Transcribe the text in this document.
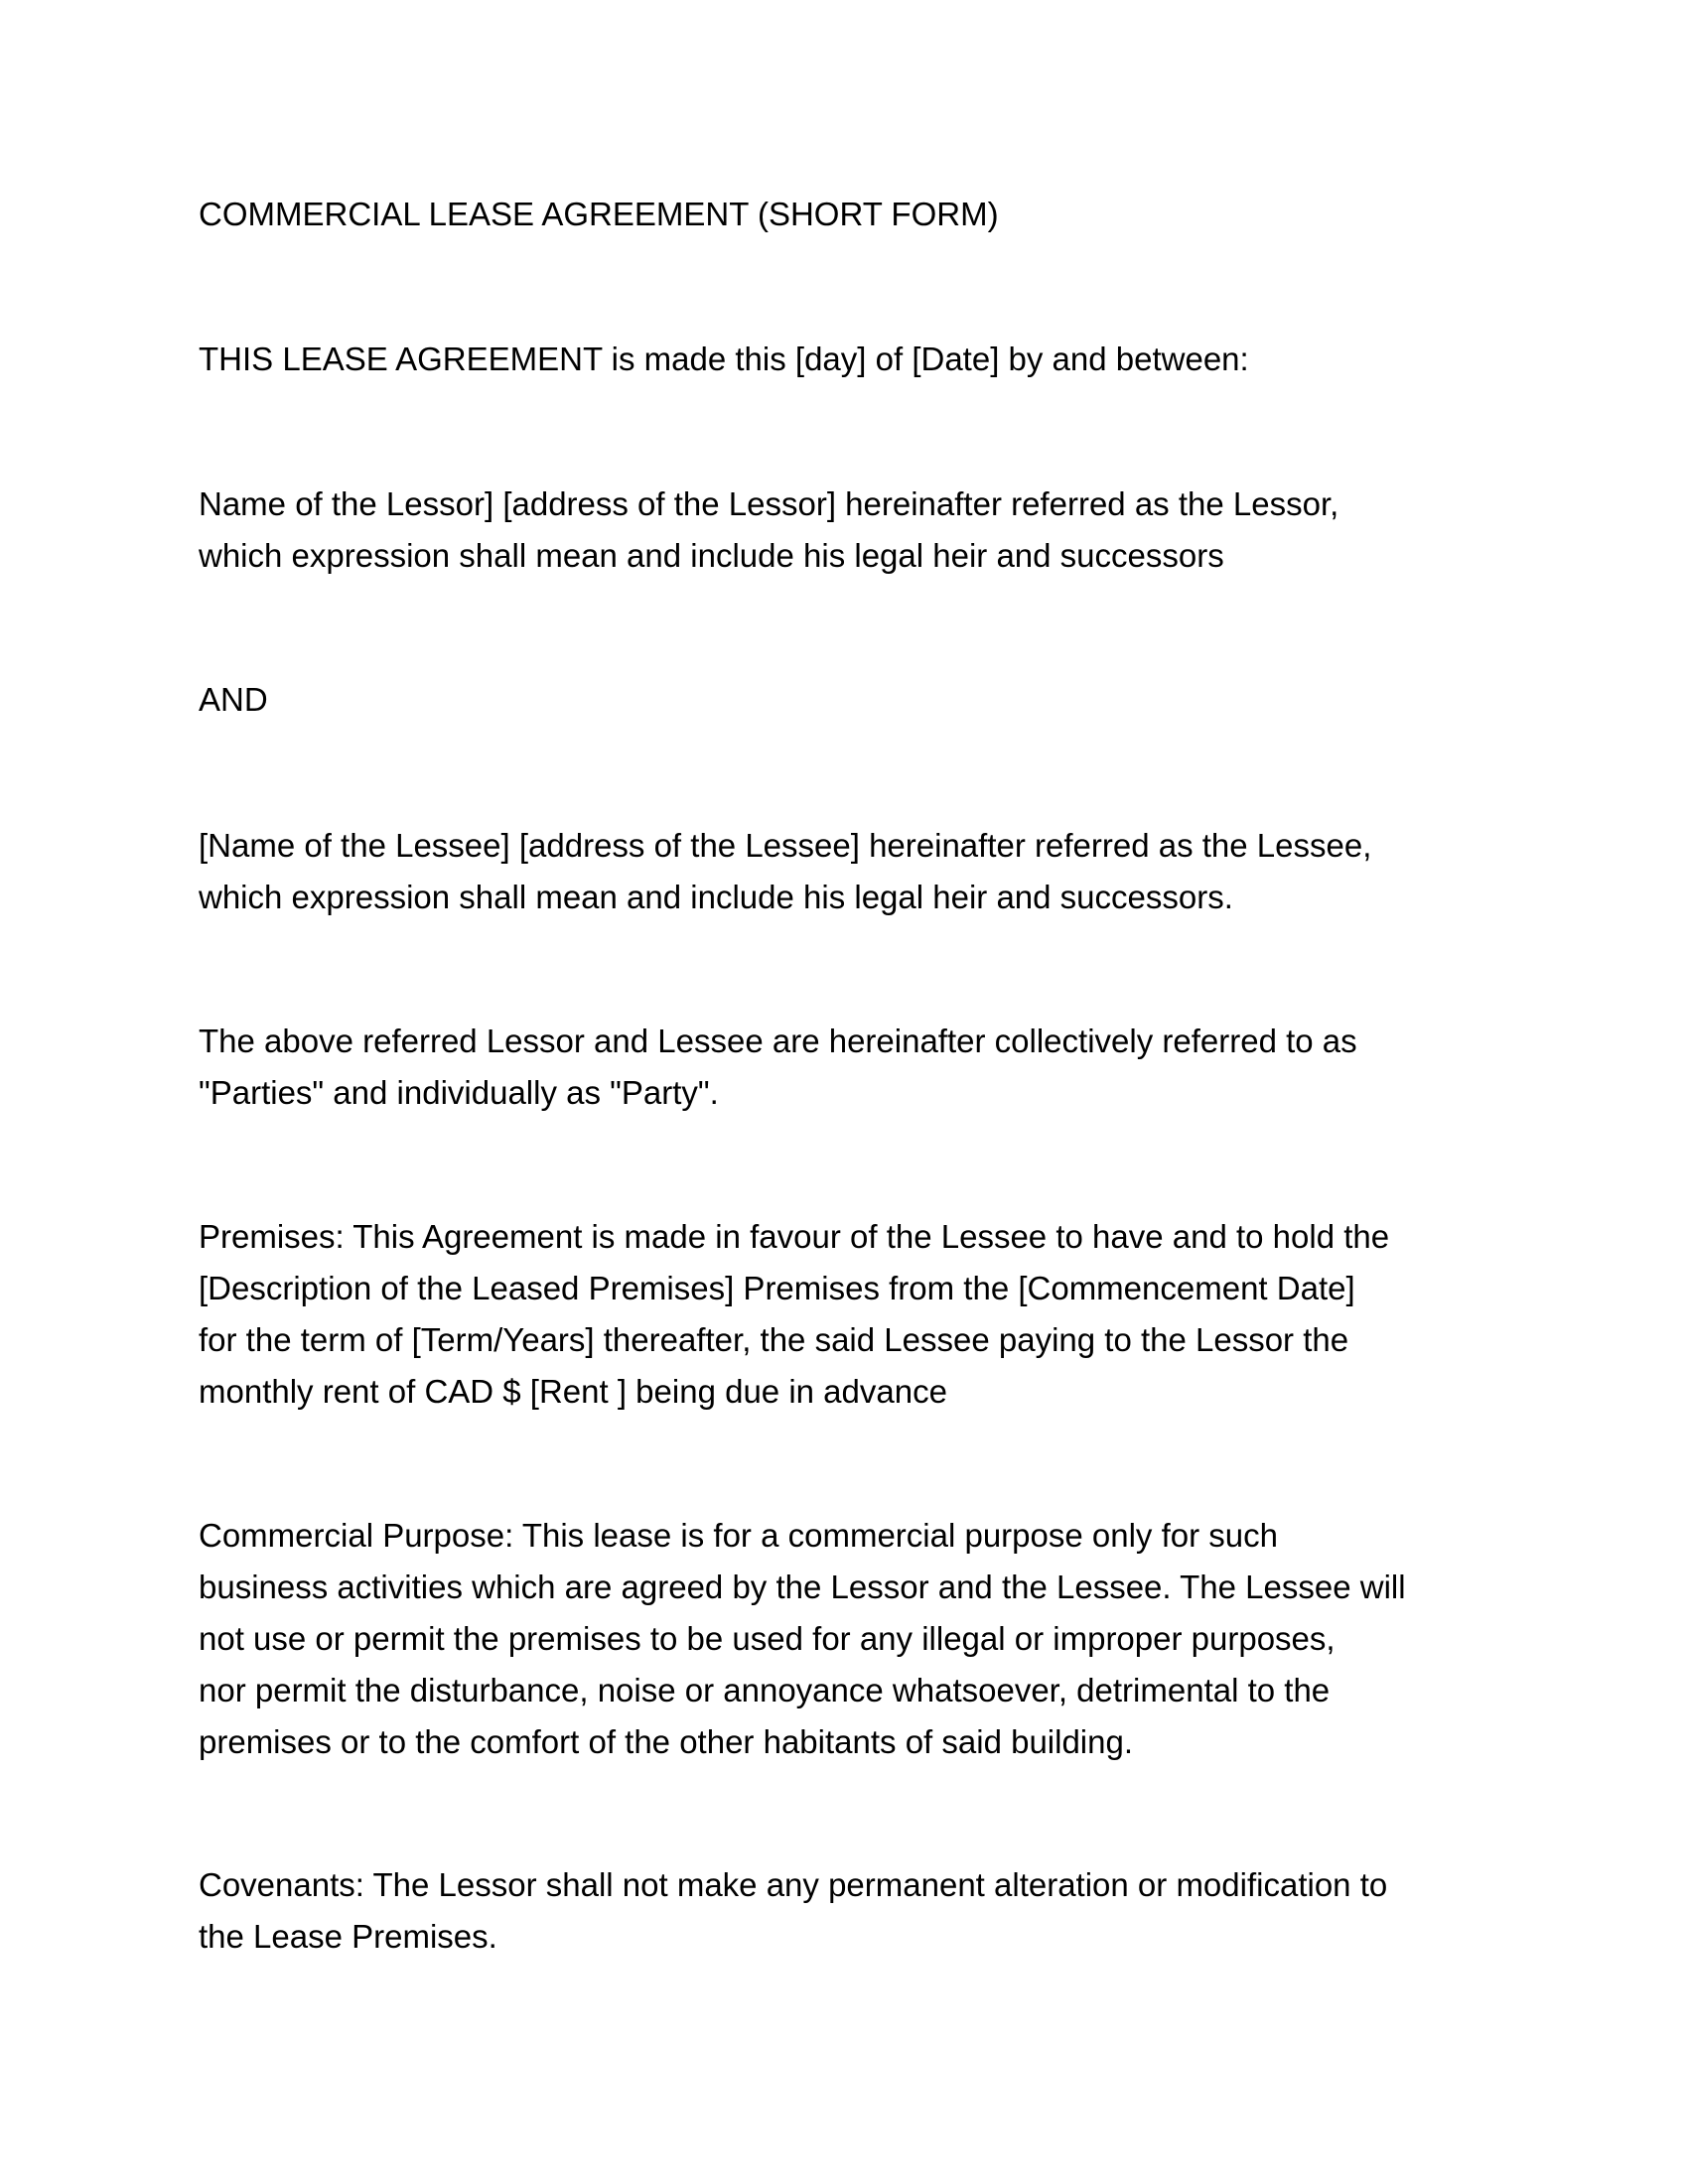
COMMERCIAL LEASE AGREEMENT (SHORT FORM)

THIS LEASE AGREEMENT is made this [day] of [Date] by and between:

Name of the Lessor] [address of the Lessor] hereinafter referred as the Lessor,
which expression shall mean and include his legal heir and successors

AND

[Name of the Lessee] [address of the Lessee] hereinafter referred as the Lessee,
which expression shall mean and include his legal heir and successors.

The above referred Lessor and Lessee are hereinafter collectively referred to as
"Parties" and individually as "Party".

Premises: This Agreement is made in favour of the Lessee to have and to hold the
[Description of the Leased Premises] Premises from the [Commencement Date]
for the term of [Term/Years] thereafter, the said Lessee paying to the Lessor the
monthly rent of CAD $ [Rent ] being due in advance

Commercial Purpose: This lease is for a commercial purpose only for such
business activities which are agreed by the Lessor and the Lessee. The Lessee will
not use or permit the premises to be used for any illegal or improper purposes,
nor permit the disturbance, noise or annoyance whatsoever, detrimental to the
premises or to the comfort of the other habitants of said building.

Covenants: The Lessor shall not make any permanent alteration or modification to
the Lease Premises.
